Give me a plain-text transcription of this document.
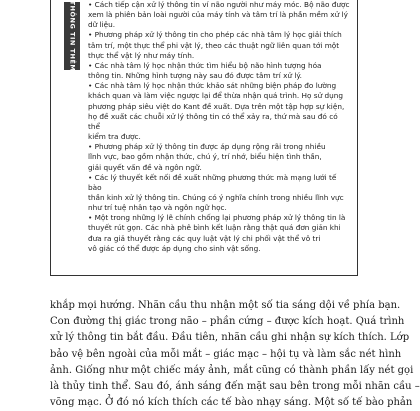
THÔNG TIN THÊM • Cách tiếp cận xử lý thông tin ví não người như máy móc. Bộ não được

xem là phiên bản loài người của máy tính và tâm trí là phần mềm xử lý

dữ liệu.

• Phương pháp xử lý thông tin cho phép các nhà tâm lý học giải thích

tâm trí, một thực thể phi vật lý, theo các thuật ngữ liên quan tới một

thực thể vật lý như máy tính.

• Các nhà tâm lý học nhận thức tìm hiểu bộ não hình tượng hóa

thông tin. Những hình tượng này sau đó được tâm trí xử lý.

• Các nhà tâm lý học nhận thức khảo sát những biện pháp đo lường

khách quan và làm việc ngược lại để thừa nhận quá trình. Họ sử dụng

phương pháp siêu việt do Kant đề xuất. Dựa trên một tập hợp sự kiện,

họ đề xuất các chuỗi xử lý thông tin có thể xảy ra, thứ mà sau đó có thể

kiểm tra được.

• Phương pháp xử lý thông tin được áp dụng rộng rãi trong nhiều

lĩnh vực, bao gồm nhận thức, chú ý, trí nhớ, biểu hiện tình thần,

giải quyết vấn đề và ngôn ngữ.

• Các lý thuyết kết nối đề xuất những phương thức mà mạng lưới tế bào

thần kinh xử lý thông tin. Chúng có ý nghĩa chính trong nhiều lĩnh vực

như trí tuệ nhân tạo và ngôn ngữ học.

• Một trong những lý lẽ chính chống lại phương pháp xử lý thông tin là

thuyết rút gọn. Các nhà phê bình kết luận rằng thật quá đơn giản khi

đưa ra giả thuyết rằng các quy luật vật lý chi phối vật thể vô tri

vô giác có thể được áp dụng cho sinh vật sống.

khắp mọi hướng. Nhãn cầu thu nhận một số tia sáng dội về phía bạn.

Con đường thị giác trong não – phần cứng – được kích hoạt. Quá trình

xử lý thông tin bắt đầu. Đầu tiên, nhãn cầu ghi nhận sự kích thích. Lớp

bảo vệ bên ngoài của mỗi mắt – giác mạc – hội tụ và làm sắc nét hình

ảnh. Giống như một chiếc máy ảnh, mắt cũng có thành phần lấy nét gọi

là thủy tinh thể. Sau đó, ánh sáng đến mặt sau bên trong mỗi nhãn cầu –

võng mạc. Ở đó nó kích thích các tế bào nhạy sáng. Một số tế bào phản
